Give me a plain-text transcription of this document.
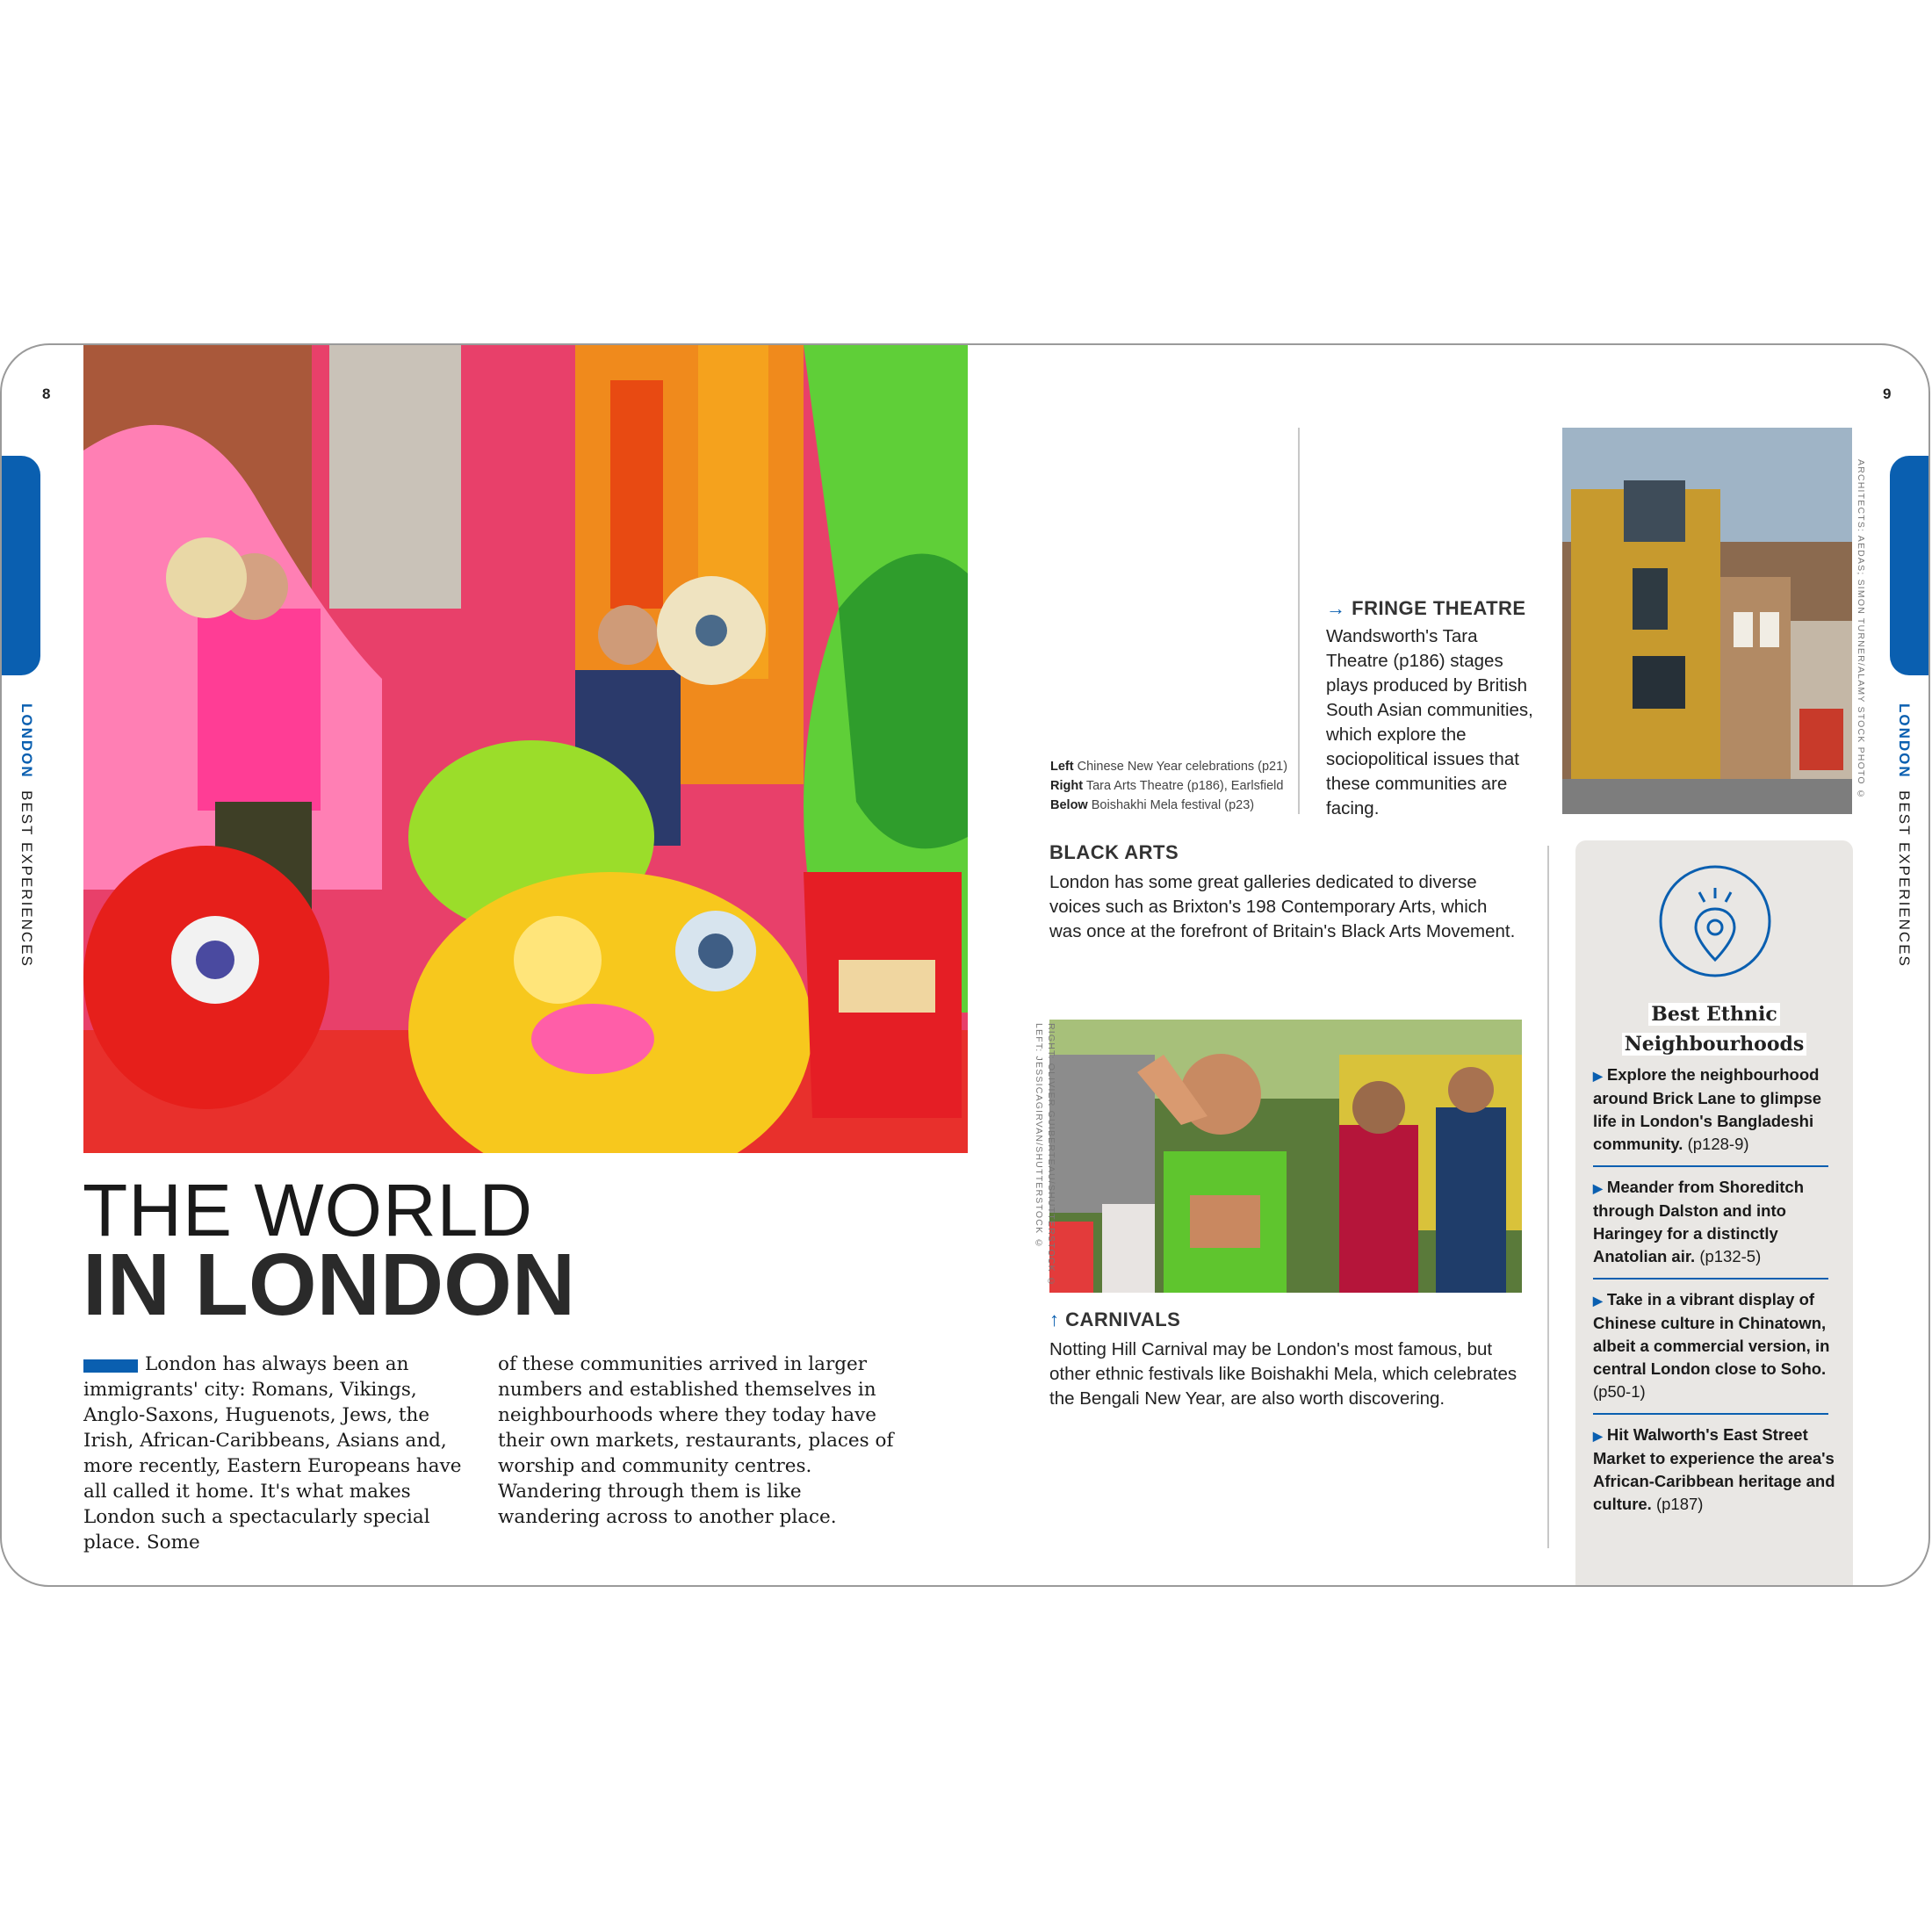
8	9
LONDON  BEST EXPERIENCES
LONDON  BEST EXPERIENCES
THE WORLD
IN LONDON
London has always been an immigrants' city: Romans, Vikings, Anglo-Saxons, Huguenots, Jews, the Irish, African-Caribbeans, Asians and, more recently, Eastern Europeans have all called it home. It's what makes London such a spectacularly special place. Some
of these communities arrived in larger numbers and established themselves in neighbourhoods where they today have their own markets, restaurants, places of worship and community centres. Wandering through them is like wandering across to another place.
Left Chinese New Year celebrations (p21)
Right Tara Arts Theatre (p186), Earlsfield
Below Boishakhi Mela festival (p23)
→ FRINGE THEATRE
Wandsworth's Tara Theatre (p186) stages plays produced by British South Asian communities, which explore the sociopolitical issues that these communities are facing.
ARCHITECTS: AEDAS; SIMON TURNER/ALAMY STOCK PHOTO ©
BLACK ARTS
London has some great galleries dedicated to diverse voices such as Brixton's 198 Contemporary Arts, which was once at the forefront of Britain's Black Arts Movement.
RIGHT: OLIVIER GUIBERTEAU/SHUTTERSTOCK ©
LEFT: JESSICAGIRVAN/SHUTTERSTOCK ©
↑ CARNIVALS
Notting Hill Carnival may be London's most famous, but other ethnic festivals like Boishakhi Mela, which celebrates the Bengali New Year, are also worth discovering.
Best Ethnic
Neighbourhoods
▶ Explore the neighbourhood around Brick Lane to glimpse life in London's Bangladeshi community. (p128-9)
▶ Meander from Shoreditch through Dalston and into Haringey for a distinctly Anatolian air. (p132-5)
▶ Take in a vibrant display of Chinese culture in Chinatown, albeit a commercial version, in central London close to Soho. (p50-1)
▶ Hit Walworth's East Street Market to experience the area's African-Caribbean heritage and culture. (p187)
